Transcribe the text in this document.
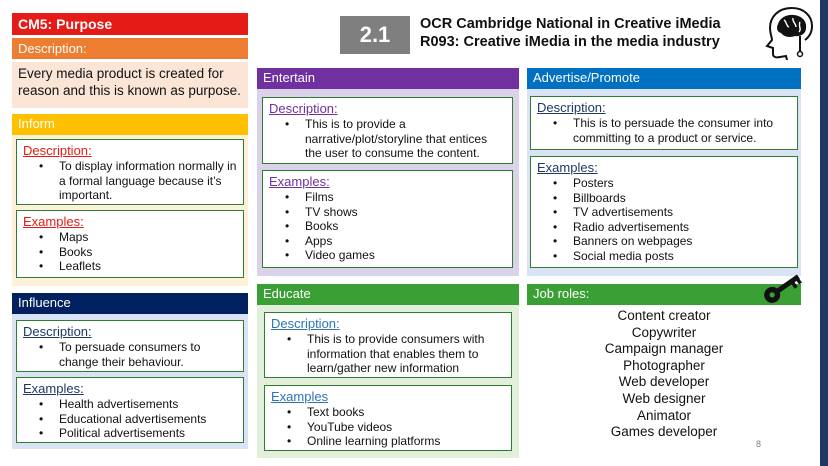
CM5: Purpose
Description:
Every media product is created for reason and this is known as purpose.
Inform
Description:
• To display information normally in a formal language because it’s important.
Examples:
• Maps
• Books
• Leaflets
Influence
Description:
• To persuade consumers to change their behaviour.
Examples:
• Health advertisements
• Educational advertisements
• Political advertisements
2.1	OCR Cambridge National in Creative iMedia
R093: Creative iMedia in the media industry
Entertain
Description:
• This is to provide a narrative/plot/storyline that entices the user to consume the content.
Examples:
• Films
• TV shows
• Books
• Apps
• Video games
Educate
Description:
• This is to provide consumers with information that enables them to learn/gather new information
Examples
• Text books
• YouTube videos
• Online learning platforms
Advertise/Promote
Description:
• This is to persuade the consumer into committing to a product or service.
Examples:
• Posters
• Billboards
• TV advertisements
• Radio advertisements
• Banners on webpages
• Social media posts
Job roles:
Content creator
Copywriter
Campaign manager
Photographer
Web developer
Web designer
Animator
Games developer
8
